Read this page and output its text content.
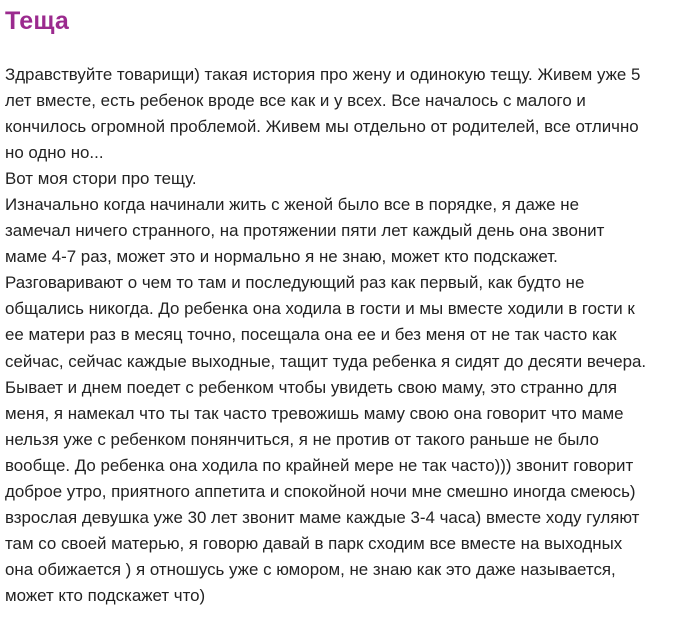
Теща
Здравствуйте товарищи) такая история про жену и одинокую тещу. Живем уже 5
лет вместе, есть ребенок вроде все как и у всех. Все началось с малого и
кончилось огромной проблемой. Живем мы отдельно от родителей, все отлично
но одно но...
Вот моя стори про тещу.
Изначально когда начинали жить с женой было все в порядке, я даже не
замечал ничего странного, на протяжении пяти лет каждый день она звонит
маме 4-7 раз, может это и нормально я не знаю, может кто подскажет.
Разговаривают о чем то там и последующий раз как первый, как будто не
общались никогда. До ребенка она ходила в гости и мы вместе ходили в гости к
ее матери раз в месяц точно, посещала она ее и без меня от не так часто как
сейчас, сейчас каждые выходные, тащит туда ребенка я сидят до десяти вечера.
Бывает и днем поедет с ребенком чтобы увидеть свою маму, это странно для
меня, я намекал что ты так часто тревожишь маму свою она говорит что маме
нельзя уже с ребенком понянчиться, я не против от такого раньше не было
вообще. До ребенка она ходила по крайней мере не так часто))) звонит говорит
доброе утро, приятного аппетита и спокойной ночи мне смешно иногда смеюсь)
взрослая девушка уже 30 лет звонит маме каждые 3-4 часа) вместе ходу гуляют
там со своей матерью, я говорю давай в парк сходим все вместе на выходных
она обижается ) я отношусь уже с юмором, не знаю как это даже называется,
может кто подскажет что)
